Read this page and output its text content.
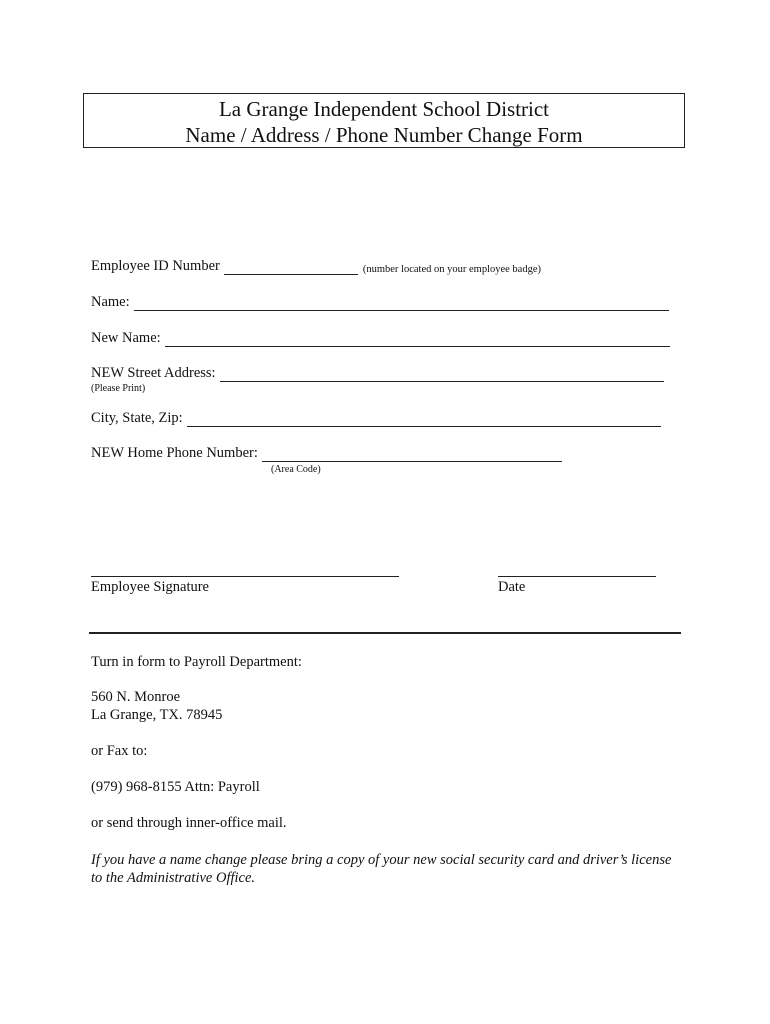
La Grange Independent School District
Name / Address / Phone Number Change Form
Employee ID Number	(number located on your employee badge)
Name:
New Name:
NEW Street Address:
(Please Print)
City, State, Zip:
NEW Home Phone Number:
(Area Code)
Employee Signature	Date
Turn in form to Payroll Department:
560 N. Monroe
La Grange, TX. 78945
or Fax to:
(979) 968-8155 Attn: Payroll
or send through inner-office mail.
If you have a name change please bring a copy of your new social security card and driver’s license to the Administrative Office.
